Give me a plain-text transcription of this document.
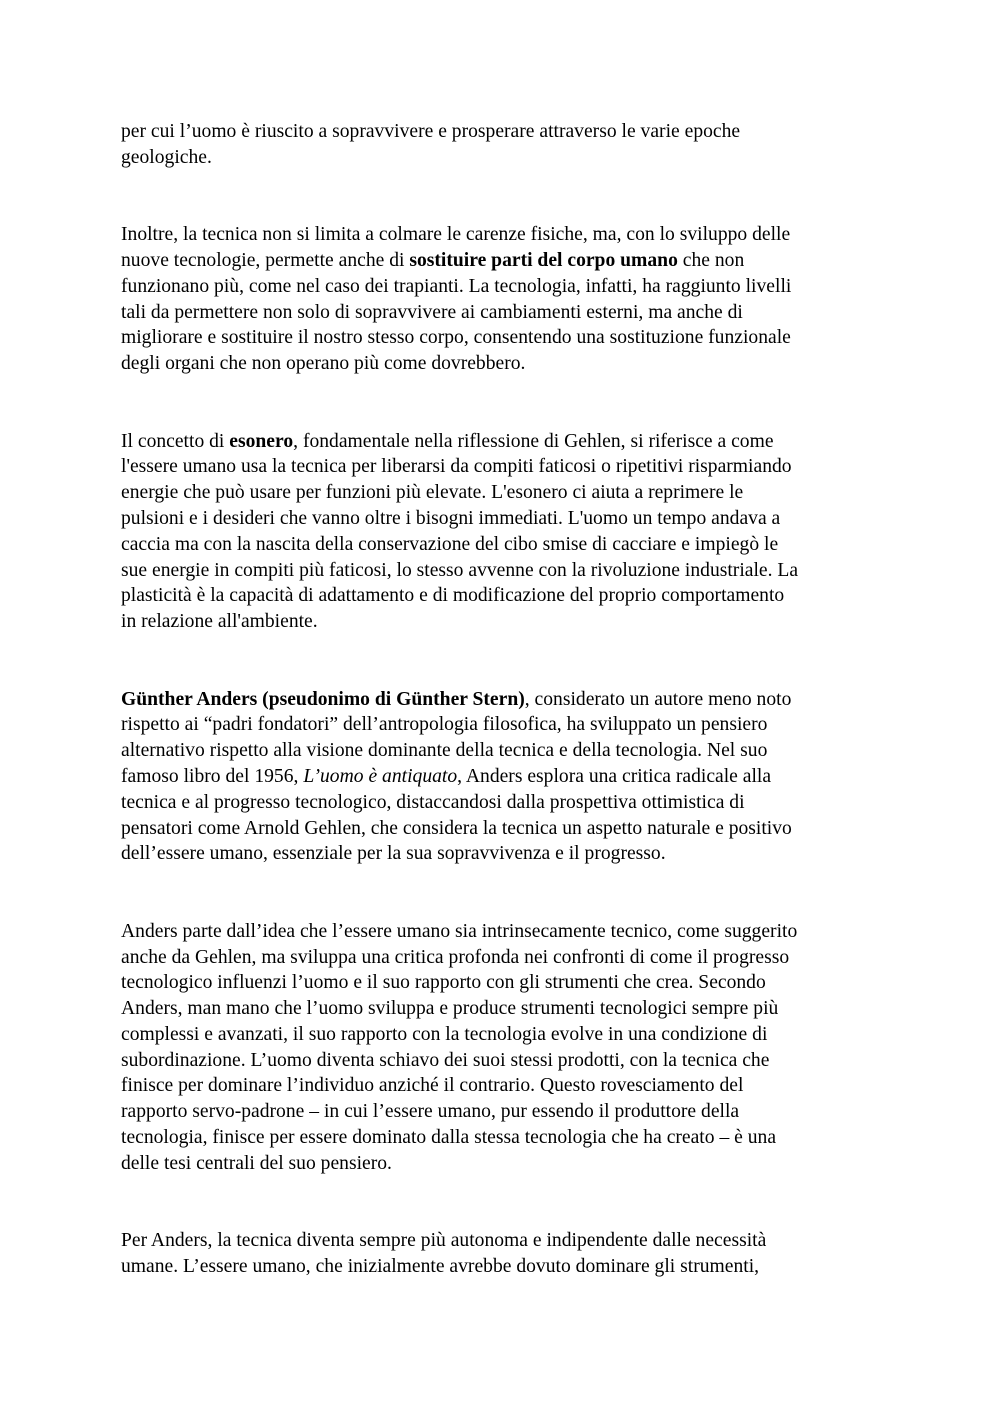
per cui l’uomo è riuscito a sopravvivere e prosperare attraverso le varie epoche
geologiche.

Inoltre, la tecnica non si limita a colmare le carenze fisiche, ma, con lo sviluppo delle
nuove tecnologie, permette anche di sostituire parti del corpo umano che non
funzionano più, come nel caso dei trapianti. La tecnologia, infatti, ha raggiunto livelli
tali da permettere non solo di sopravvivere ai cambiamenti esterni, ma anche di
migliorare e sostituire il nostro stesso corpo, consentendo una sostituzione funzionale
degli organi che non operano più come dovrebbero.

Il concetto di esonero, fondamentale nella riflessione di Gehlen, si riferisce a come
l'essere umano usa la tecnica per liberarsi da compiti faticosi o ripetitivi risparmiando
energie che può usare per funzioni più elevate. L'esonero ci aiuta a reprimere le
pulsioni e i desideri che vanno oltre i bisogni immediati. L'uomo un tempo andava a
caccia ma con la nascita della conservazione del cibo smise di cacciare e impiegò le
sue energie in compiti più faticosi, lo stesso avvenne con la rivoluzione industriale. La
plasticità è la capacità di adattamento e di modificazione del proprio comportamento
in relazione all'ambiente.

Günther Anders (pseudonimo di Günther Stern), considerato un autore meno noto
rispetto ai “padri fondatori” dell’antropologia filosofica, ha sviluppato un pensiero
alternativo rispetto alla visione dominante della tecnica e della tecnologia. Nel suo
famoso libro del 1956, L’uomo è antiquato, Anders esplora una critica radicale alla
tecnica e al progresso tecnologico, distaccandosi dalla prospettiva ottimistica di
pensatori come Arnold Gehlen, che considera la tecnica un aspetto naturale e positivo
dell’essere umano, essenziale per la sua sopravvivenza e il progresso.

Anders parte dall’idea che l’essere umano sia intrinsecamente tecnico, come suggerito
anche da Gehlen, ma sviluppa una critica profonda nei confronti di come il progresso
tecnologico influenzi l’uomo e il suo rapporto con gli strumenti che crea. Secondo
Anders, man mano che l’uomo sviluppa e produce strumenti tecnologici sempre più
complessi e avanzati, il suo rapporto con la tecnologia evolve in una condizione di
subordinazione. L’uomo diventa schiavo dei suoi stessi prodotti, con la tecnica che
finisce per dominare l’individuo anziché il contrario. Questo rovesciamento del
rapporto servo-padrone – in cui l’essere umano, pur essendo il produttore della
tecnologia, finisce per essere dominato dalla stessa tecnologia che ha creato – è una
delle tesi centrali del suo pensiero.

Per Anders, la tecnica diventa sempre più autonoma e indipendente dalle necessità
umane. L’essere umano, che inizialmente avrebbe dovuto dominare gli strumenti,
